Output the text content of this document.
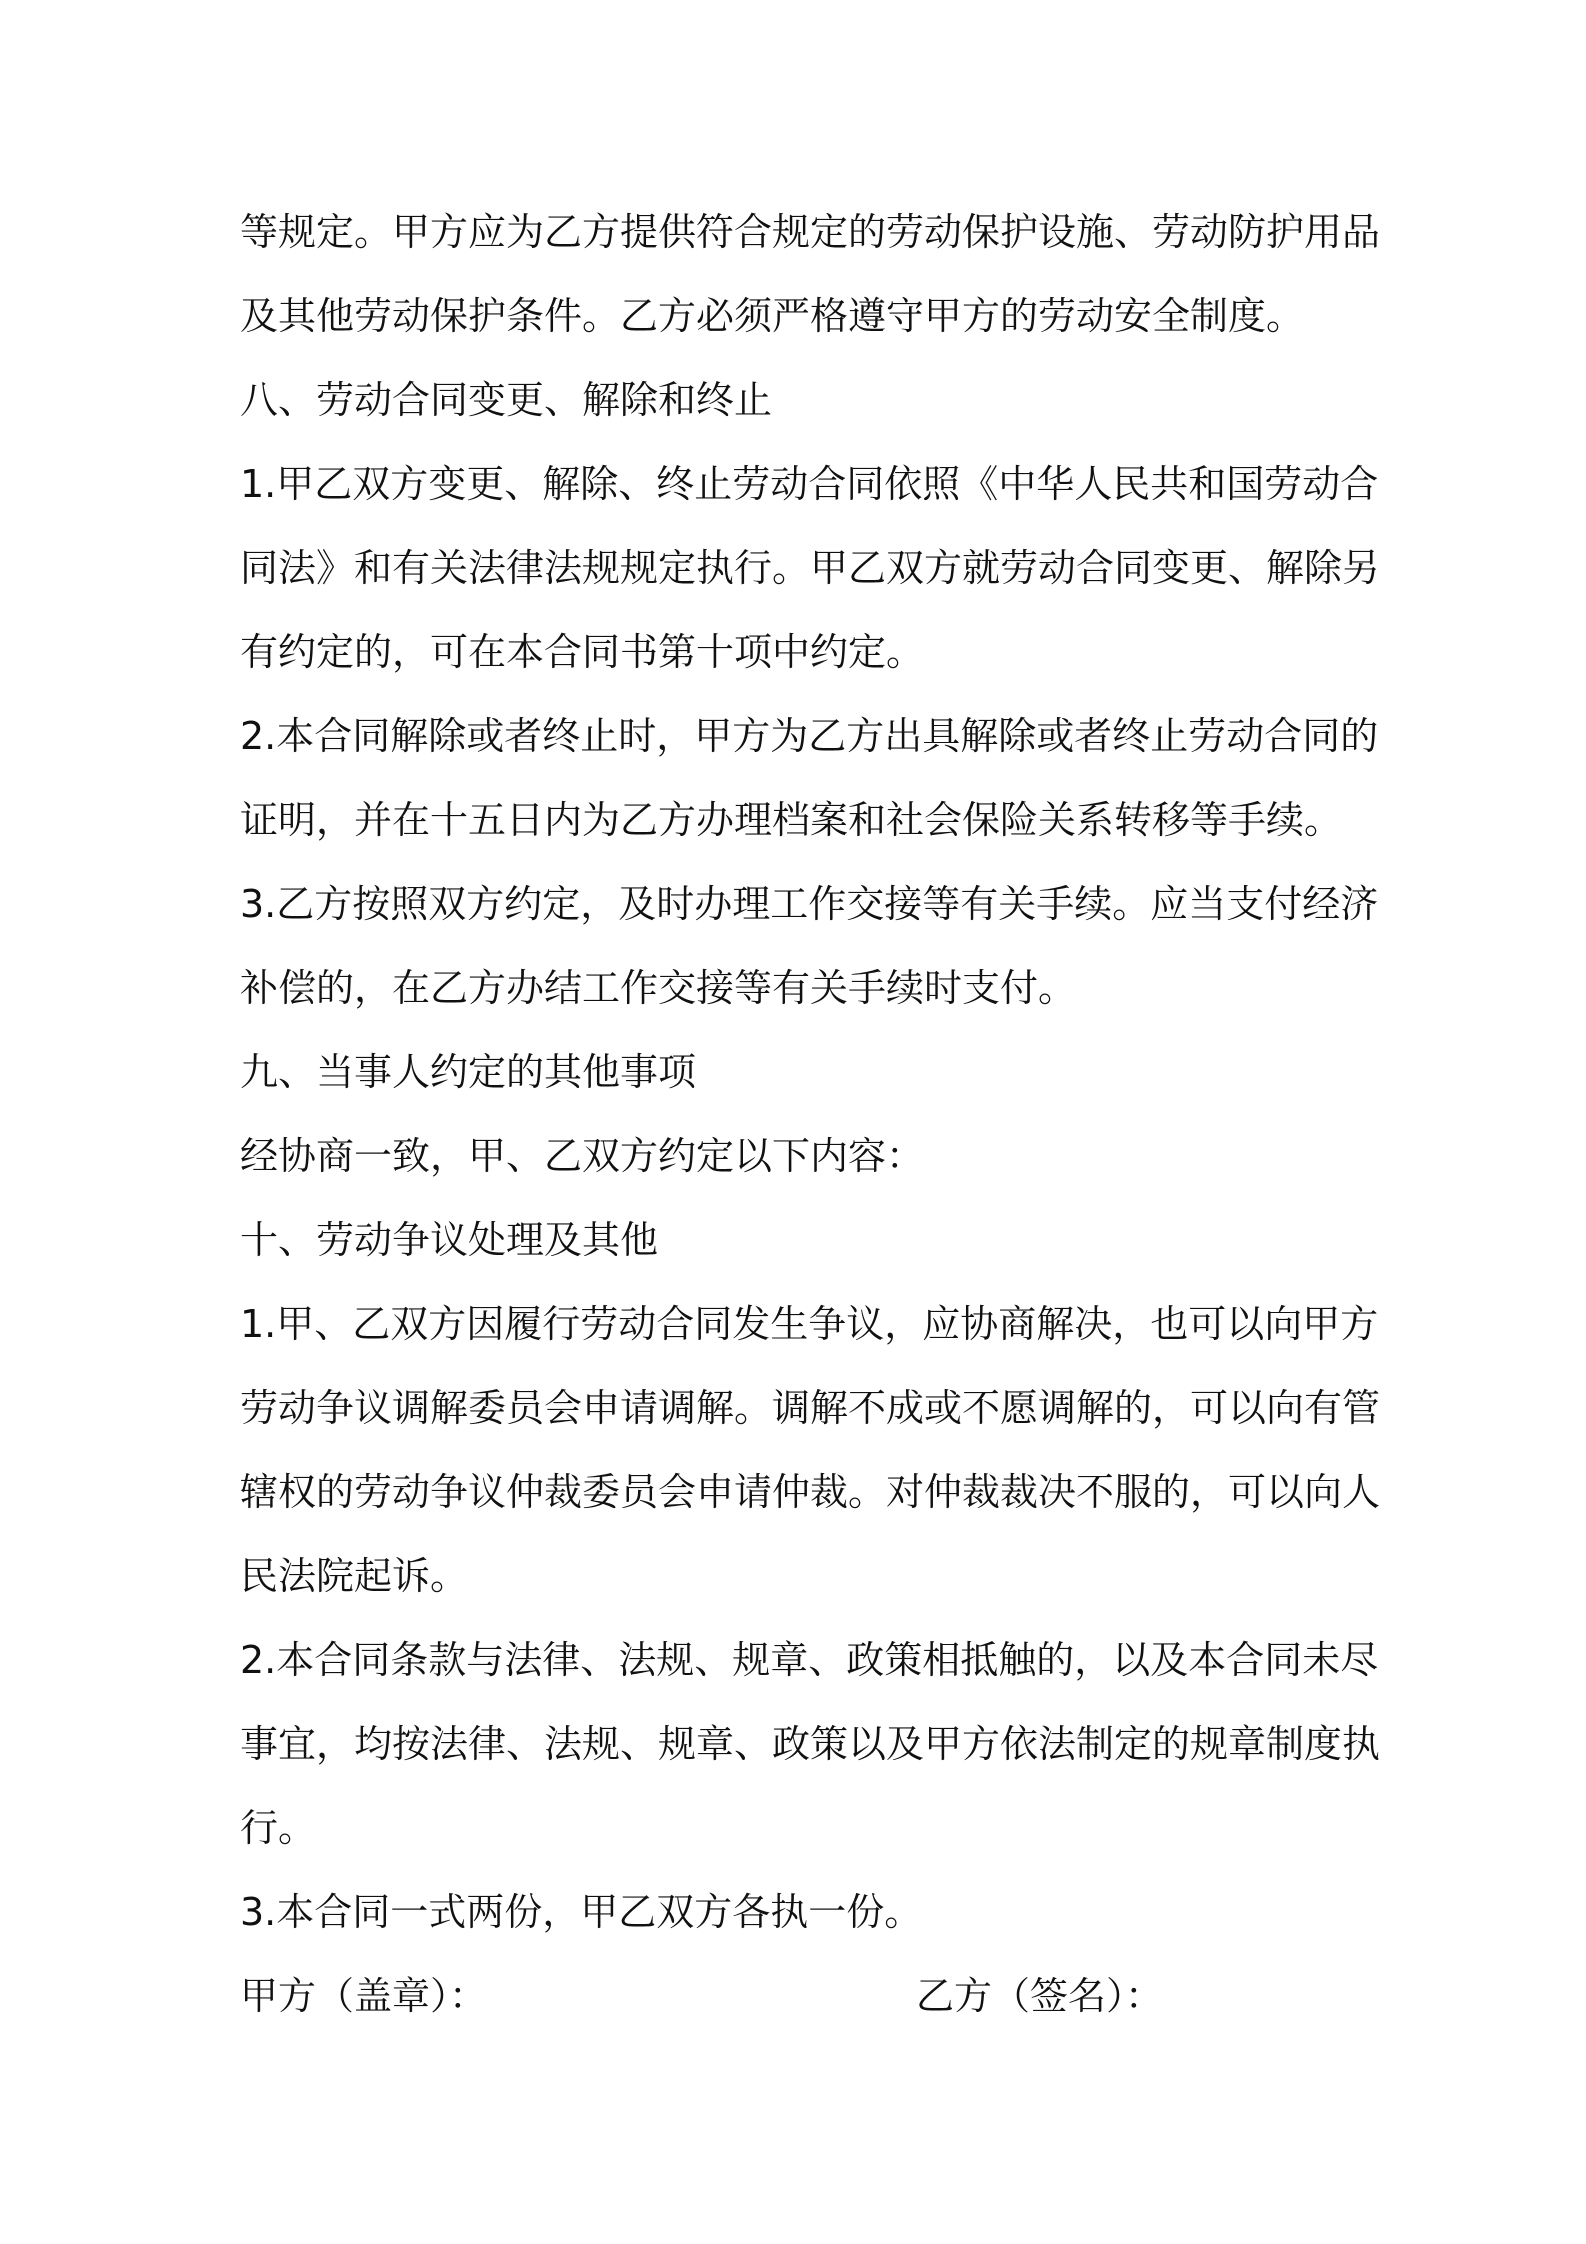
等规定。甲方应为乙方提供符合规定的劳动保护设施、劳动防护用品
及其他劳动保护条件。乙方必须严格遵守甲方的劳动安全制度。
八、劳动合同变更、解除和终止
1.甲乙双方变更、解除、终止劳动合同依照《中华人民共和国劳动合
同法》和有关法律法规规定执行。甲乙双方就劳动合同变更、解除另
有约定的，可在本合同书第十项中约定。
2.本合同解除或者终止时，甲方为乙方出具解除或者终止劳动合同的
证明，并在十五日内为乙方办理档案和社会保险关系转移等手续。
3.乙方按照双方约定，及时办理工作交接等有关手续。应当支付经济
补偿的，在乙方办结工作交接等有关手续时支付。
九、当事人约定的其他事项
经协商一致，甲、乙双方约定以下内容：
十、劳动争议处理及其他
1.甲、乙双方因履行劳动合同发生争议，应协商解决，也可以向甲方
劳动争议调解委员会申请调解。调解不成或不愿调解的，可以向有管
辖权的劳动争议仲裁委员会申请仲裁。对仲裁裁决不服的，可以向人
民法院起诉。
2.本合同条款与法律、法规、规章、政策相抵触的，以及本合同未尽
事宜，均按法律、法规、规章、政策以及甲方依法制定的规章制度执
行。
3.本合同一式两份，甲乙双方各执一份。
甲方（盖章）：	乙方（签名）：
